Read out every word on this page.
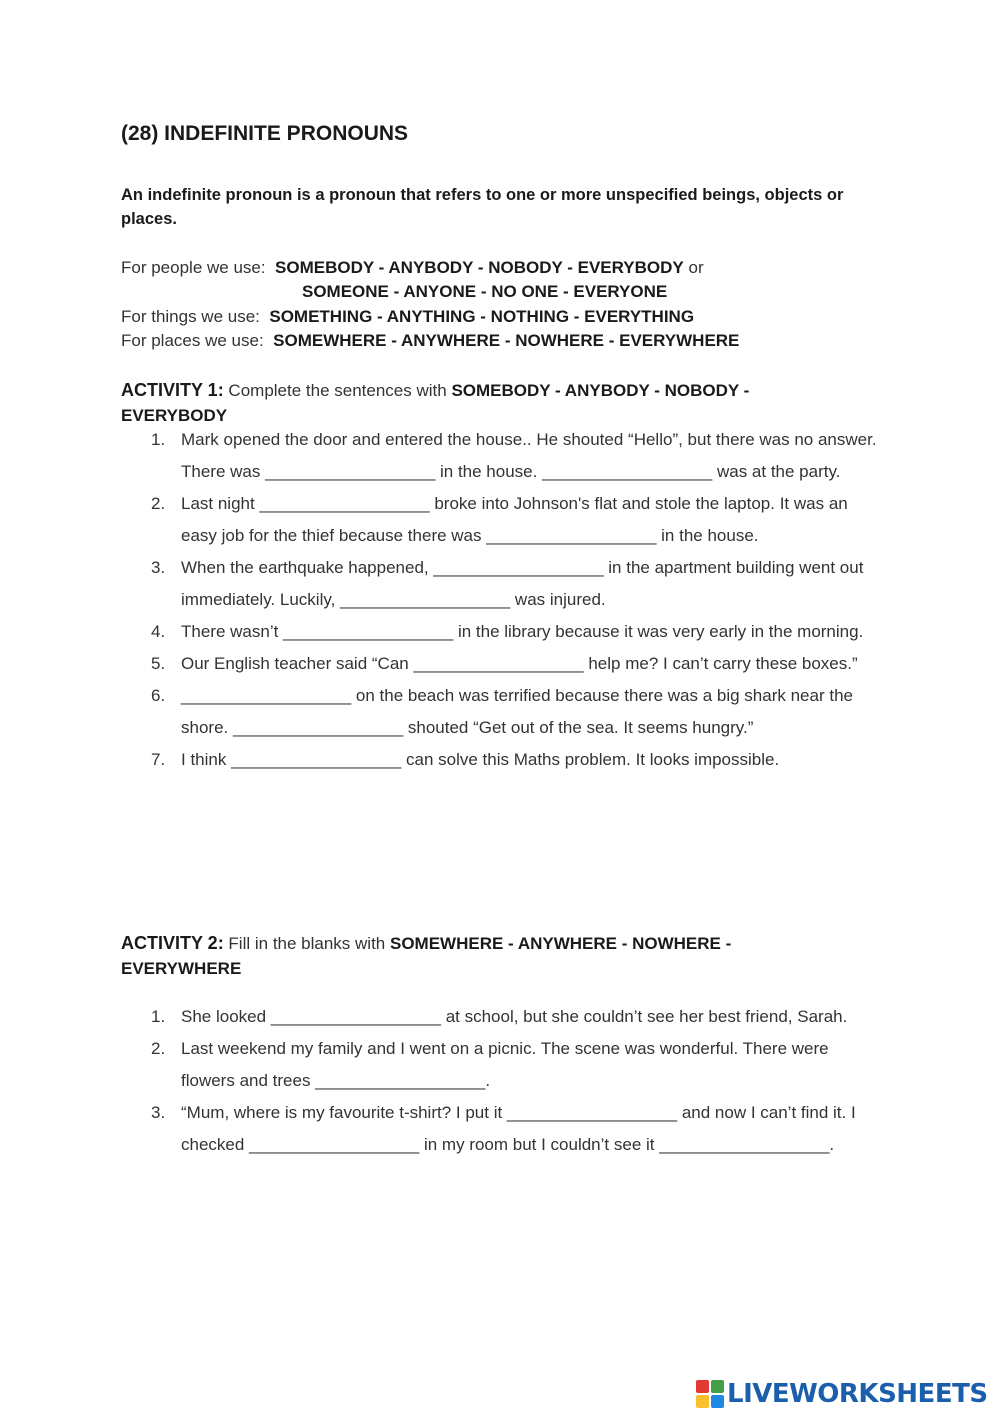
(28) INDEFINITE PRONOUNS
An indefinite pronoun is a pronoun that refers to one or more unspecified beings, objects or places.
For people we use: SOMEBODY - ANYBODY - NOBODY - EVERYBODY or
SOMEONE - ANYONE - NO ONE - EVERYONE
For things we use: SOMETHING - ANYTHING - NOTHING - EVERYTHING
For places we use: SOMEWHERE - ANYWHERE - NOWHERE - EVERYWHERE
ACTIVITY 1: Complete the sentences with SOMEBODY - ANYBODY - NOBODY - EVERYBODY
1. Mark opened the door and entered the house.. He shouted “Hello”, but there was no answer. There was __________________ in the house. __________________ was at the party.
2. Last night __________________ broke into Johnson's flat and stole the laptop. It was an easy job for the thief because there was __________________ in the house.
3. When the earthquake happened, __________________ in the apartment building went out immediately. Luckily, __________________ was injured.
4. There wasn’t __________________ in the library because it was very early in the morning.
5. Our English teacher said “Can __________________ help me? I can’t carry these boxes.”
6. __________________ on the beach was terrified because there was a big shark near the shore. __________________ shouted “Get out of the sea. It seems hungry.”
7. I think __________________ can solve this Maths problem. It looks impossible.
ACTIVITY 2: Fill in the blanks with SOMEWHERE - ANYWHERE - NOWHERE - EVERYWHERE
1. She looked __________________ at school, but she couldn’t see her best friend, Sarah.
2. Last weekend my family and I went on a picnic. The scene was wonderful. There were flowers and trees __________________.
3. “Mum, where is my favourite t-shirt? I put it __________________ and now I can’t find it. I checked __________________ in my room but I couldn’t see it __________________.
LIVEWORKSHEETS
